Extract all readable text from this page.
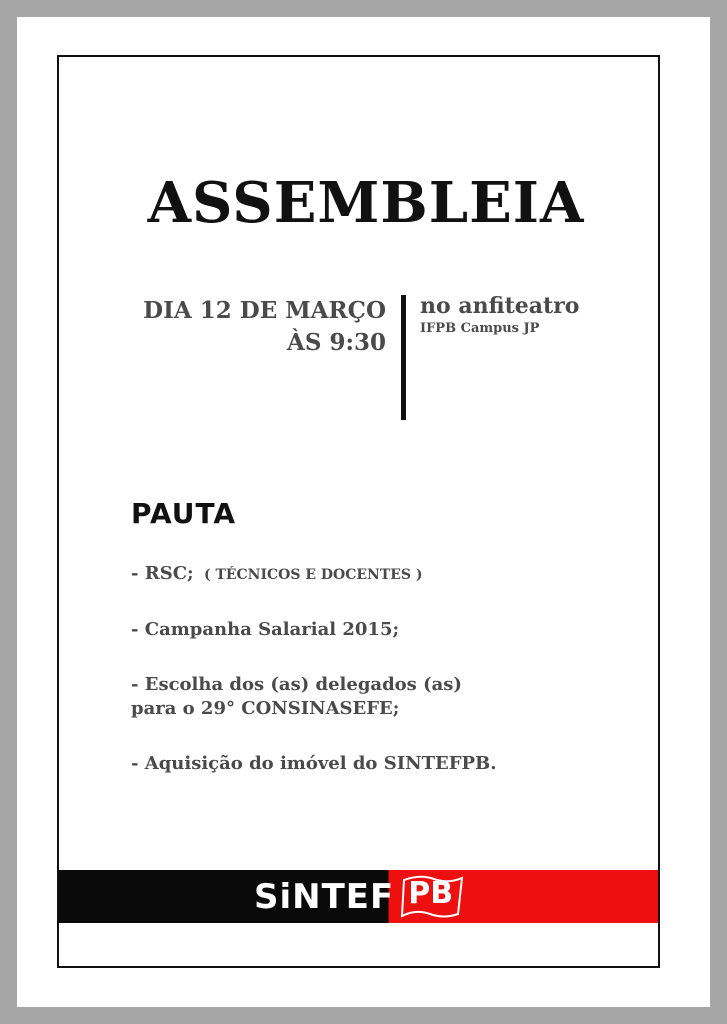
ASSEMBLEIA
DIA 12 DE MARÇO
ÀS 9:30
no anfiteatro
IFPB Campus JP
PAUTA
- RSC; ( TÉCNICOS E DOCENTES )
- Campanha Salarial 2015;
- Escolha dos (as) delegados (as)
para o 29° CONSINASEFE;
- Aquisição do imóvel do SINTEFPB.
SiNTEF PB
